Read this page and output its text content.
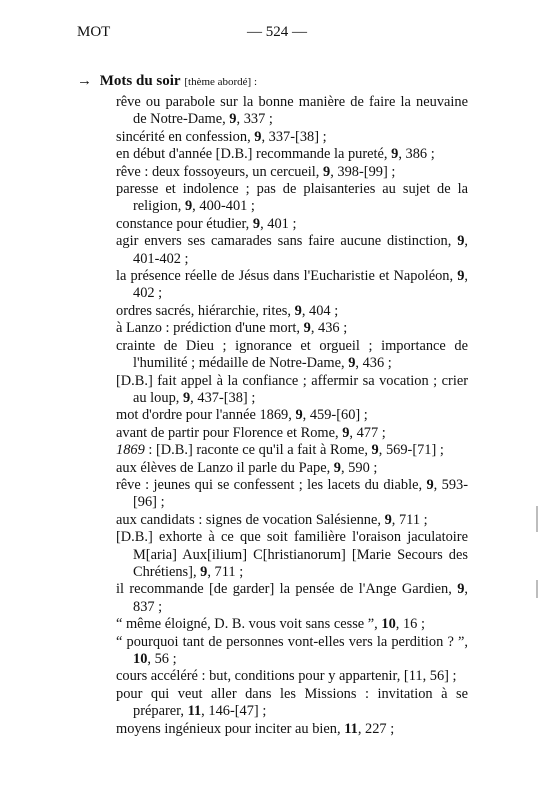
MOT	— 524 —
→ Mots du soir [thème abordé] :
rêve ou parabole sur la bonne manière de faire la neuvaine de Notre-Dame, 9, 337 ;
sincérité en confession, 9, 337-[38] ;
en début d'année [D.B.] recommande la pureté, 9, 386 ;
rêve : deux fossoyeurs, un cercueil, 9, 398-[99] ;
paresse et indolence ; pas de plaisanteries au sujet de la religion, 9, 400-401 ;
constance pour étudier, 9, 401 ;
agir envers ses camarades sans faire aucune distinction, 9, 401-402 ;
la présence réelle de Jésus dans l'Eucharistie et Napoléon, 9, 402 ;
ordres sacrés, hiérarchie, rites, 9, 404 ;
à Lanzo : prédiction d'une mort, 9, 436 ;
crainte de Dieu ; ignorance et orgueil ; importance de l'humilité ; médaille de Notre-Dame, 9, 436 ;
[D.B.] fait appel à la confiance ; affermir sa vocation ; crier au loup, 9, 437-[38] ;
mot d'ordre pour l'année 1869, 9, 459-[60] ;
avant de partir pour Florence et Rome, 9, 477 ;
1869 : [D.B.] raconte ce qu'il a fait à Rome, 9, 569-[71] ;
aux élèves de Lanzo il parle du Pape, 9, 590 ;
rêve : jeunes qui se confessent ; les lacets du diable, 9, 593-[96] ;
aux candidats : signes de vocation Salésienne, 9, 711 ;
[D.B.] exhorte à ce que soit familière l'oraison jaculatoire M[aria] Aux[ilium] C[hristianorum] [Marie Secours des Chrétiens], 9, 711 ;
il recommande [de garder] la pensée de l'Ange Gardien, 9, 837 ;
“ même éloigné, D. B. vous voit sans cesse ”, 10, 16 ;
“ pourquoi tant de personnes vont-elles vers la perdition ? ”, 10, 56 ;
cours accéléré : but, conditions pour y appartenir, [11, 56] ;
pour qui veut aller dans les Missions : invitation à se préparer, 11, 146-[47] ;
moyens ingénieux pour inciter au bien, 11, 227 ;
